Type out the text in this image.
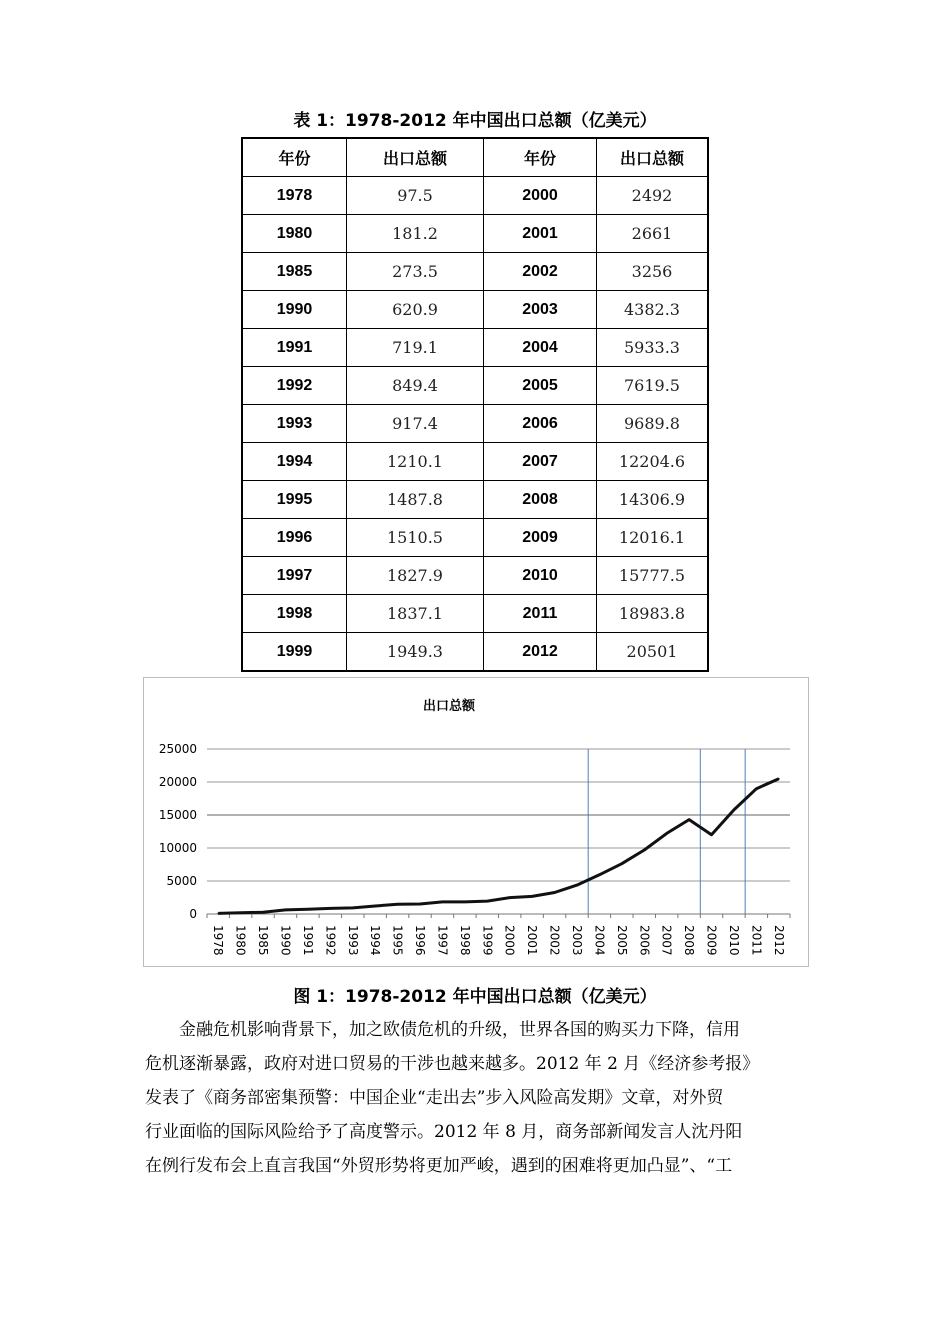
表 1：1978-2012 年中国出口总额（亿美元）
年份	出口总额	年份	出口总额
1978	97.5	2000	2492
1980	181.2	2001	2661
1985	273.5	2002	3256
1990	620.9	2003	4382.3
1991	719.1	2004	5933.3
1992	849.4	2005	7619.5
1993	917.4	2006	9689.8
1994	1210.1	2007	12204.6
1995	1487.8	2008	14306.9
1996	1510.5	2009	12016.1
1997	1827.9	2010	15777.5
1998	1837.1	2011	18983.8
1999	1949.3	2012	20501
出口总额
0
5000
10000
15000
20000
25000
1978 1980 1985 1990 1991 1992 1993 1994 1995 1996 1997 1998 1999 2000 2001 2002 2003 2004 2005 2006 2007 2008 2009 2010 2011 2012
图 1：1978-2012 年中国出口总额（亿美元）
金融危机影响背景下，加之欧债危机的升级，世界各国的购买力下降，信用
危机逐渐暴露，政府对进口贸易的干涉也越来越多。2012 年 2 月《经济参考报》
发表了《商务部密集预警：中国企业“走出去”步入风险高发期》文章，对外贸
行业面临的国际风险给予了高度警示。2012 年 8 月，商务部新闻发言人沈丹阳
在例行发布会上直言我国“外贸形势将更加严峻，遇到的困难将更加凸显”、“工
